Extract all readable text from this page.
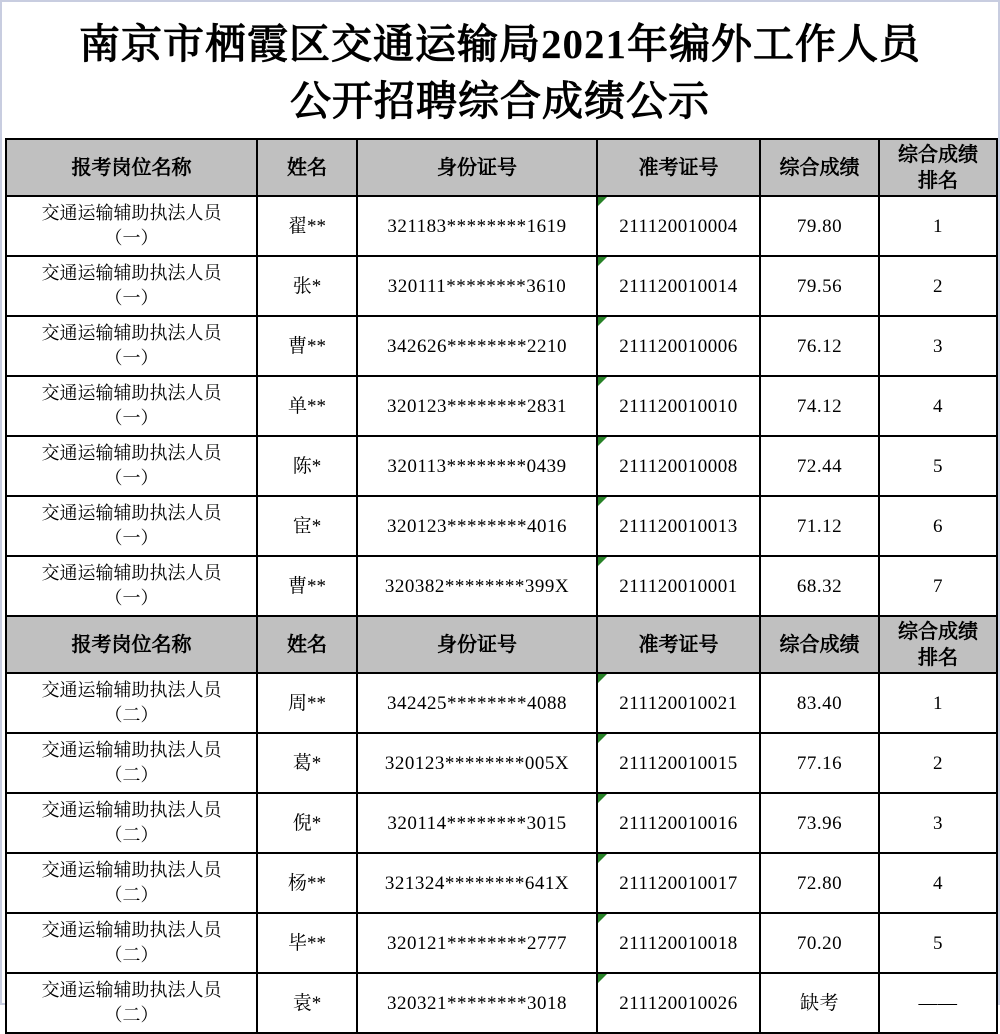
南京市栖霞区交通运输局2021年编外工作人员
公开招聘综合成绩公示
报考岗位名称	姓名	身份证号	准考证号	综合成绩	综合成绩
排名

交通运输辅助执法人员
（一）	翟**	321183********1619	211120010004	79.80	1

交通运输辅助执法人员
（一）	张*	320111********3610	211120010014	79.56	2

交通运输辅助执法人员
（一）	曹**	342626********2210	211120010006	76.12	3

交通运输辅助执法人员
（一）	单**	320123********2831	211120010010	74.12	4

交通运输辅助执法人员
（一）	陈*	320113********0439	211120010008	72.44	5

交通运输辅助执法人员
（一）	宦*	320123********4016	211120010013	71.12	6

交通运输辅助执法人员
（一）	曹**	320382********399X	211120010001	68.32	7

报考岗位名称	姓名	身份证号	准考证号	综合成绩	综合成绩
排名

交通运输辅助执法人员
（二）	周**	342425********4088	211120010021	83.40	1

交通运输辅助执法人员
（二）	葛*	320123********005X	211120010015	77.16	2

交通运输辅助执法人员
（二）	倪*	320114********3015	211120010016	73.96	3

交通运输辅助执法人员
（二）	杨**	321324********641X	211120010017	72.80	4

交通运输辅助执法人员
（二）	毕**	320121********2777	211120010018	70.20	5

交通运输辅助执法人员
（二）	袁*	320321********3018	211120010026	缺考	——
